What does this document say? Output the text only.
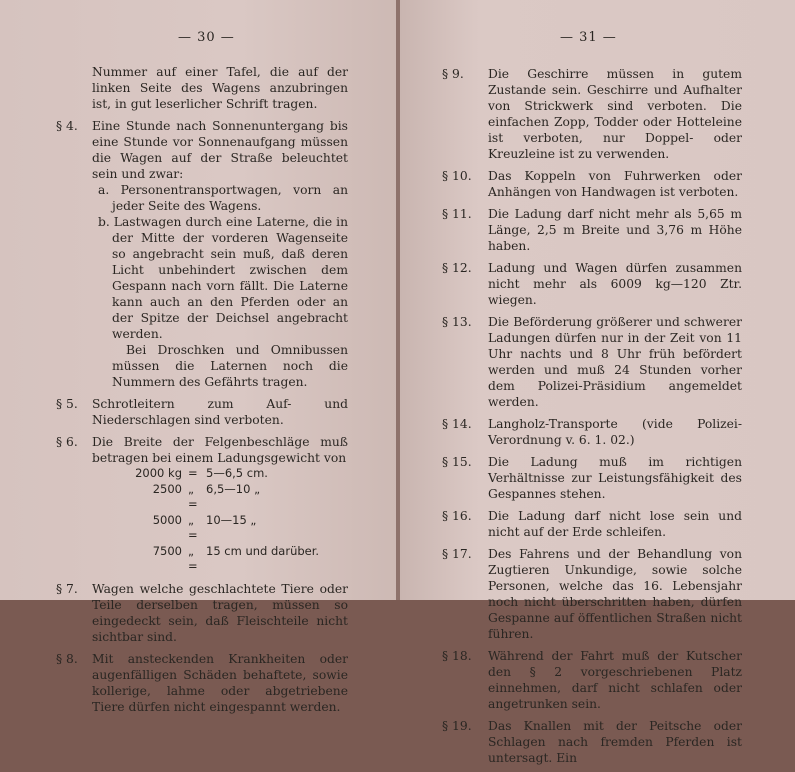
— 30 —
Nummer auf einer Tafel, die auf der linken Seite des Wagens anzubringen ist, in gut leserlicher Schrift tragen.
§ 4. Eine Stunde nach Sonnenuntergang bis eine Stunde vor Sonnenaufgang müssen die Wagen auf der Straße beleuchtet sein und zwar:
a. Personentransportwagen, vorn an jeder Seite des Wagens.
b. Lastwagen durch eine Laterne, die in der Mitte der vorderen Wagenseite so angebracht sein muß, daß deren Licht unbehindert zwischen dem Gespann nach vorn fällt. Die Laterne kann auch an den Pferden oder an der Spitze der Deichsel angebracht werden.
Bei Droschken und Omnibussen müssen die Laternen noch die Nummern des Gefährts tragen.
§ 5. Schrotleitern zum Auf- und Niederschlagen sind verboten.
§ 6. Die Breite der Felgenbeschläge muß betragen bei einem Ladungsgewicht von
2000 kg = 5—6,5 cm.
2500 „ =
6,5—10 „
5000 „ =
10—15 „
7500 „ =
15 cm und darüber.
§ 7. Wagen welche geschlachtete Tiere oder Teile derselben tragen, müssen so eingedeckt sein, daß Fleischteile nicht sichtbar sind.
§ 8. Mit ansteckenden Krankheiten oder augenfälligen Schäden behaftete, sowie kollerige, lahme oder abgetriebene Tiere dürfen nicht eingespannt werden.
— 31 —
§ 9. Die Geschirre müssen in gutem Zustande sein. Geschirre und Aufhalter von Strickwerk sind verboten. Die einfachen Zopp, Todder oder Hotteleine ist verboten, nur Doppel- oder Kreuzleine ist zu verwenden.
§ 10. Das Koppeln von Fuhrwerken oder Anhängen von Handwagen ist verboten.
§ 11. Die Ladung darf nicht mehr als 5,65 m Länge, 2,5 m Breite und 3,76 m Höhe haben.
§ 12. Ladung und Wagen dürfen zusammen nicht mehr als 6009 kg—120 Ztr. wiegen.
§ 13. Die Beförderung größerer und schwerer Ladungen dürfen nur in der Zeit von 11 Uhr nachts und 8 Uhr früh befördert werden und muß 24 Stunden vorher dem Polizei-Präsidium angemeldet werden.
§ 14. Langholz-Transporte (vide Polizei-Verordnung v. 6. 1. 02.)
§ 15. Die Ladung muß im richtigen Verhältnisse zur Leistungsfähigkeit des Gespannes stehen.
§ 16. Die Ladung darf nicht lose sein und nicht auf der Erde schleifen.
§ 17. Des Fahrens und der Behandlung von Zugtieren Unkundige, sowie solche Personen, welche das 16. Lebensjahr noch nicht überschritten haben, dürfen Gespanne auf öffentlichen Straßen nicht führen.
§ 18. Während der Fahrt muß der Kutscher den § 2 vorgeschriebenen Platz einnehmen, darf nicht schlafen oder angetrunken sein.
§ 19. Das Knallen mit der Peitsche oder Schlagen nach fremden Pferden ist untersagt. Ein
